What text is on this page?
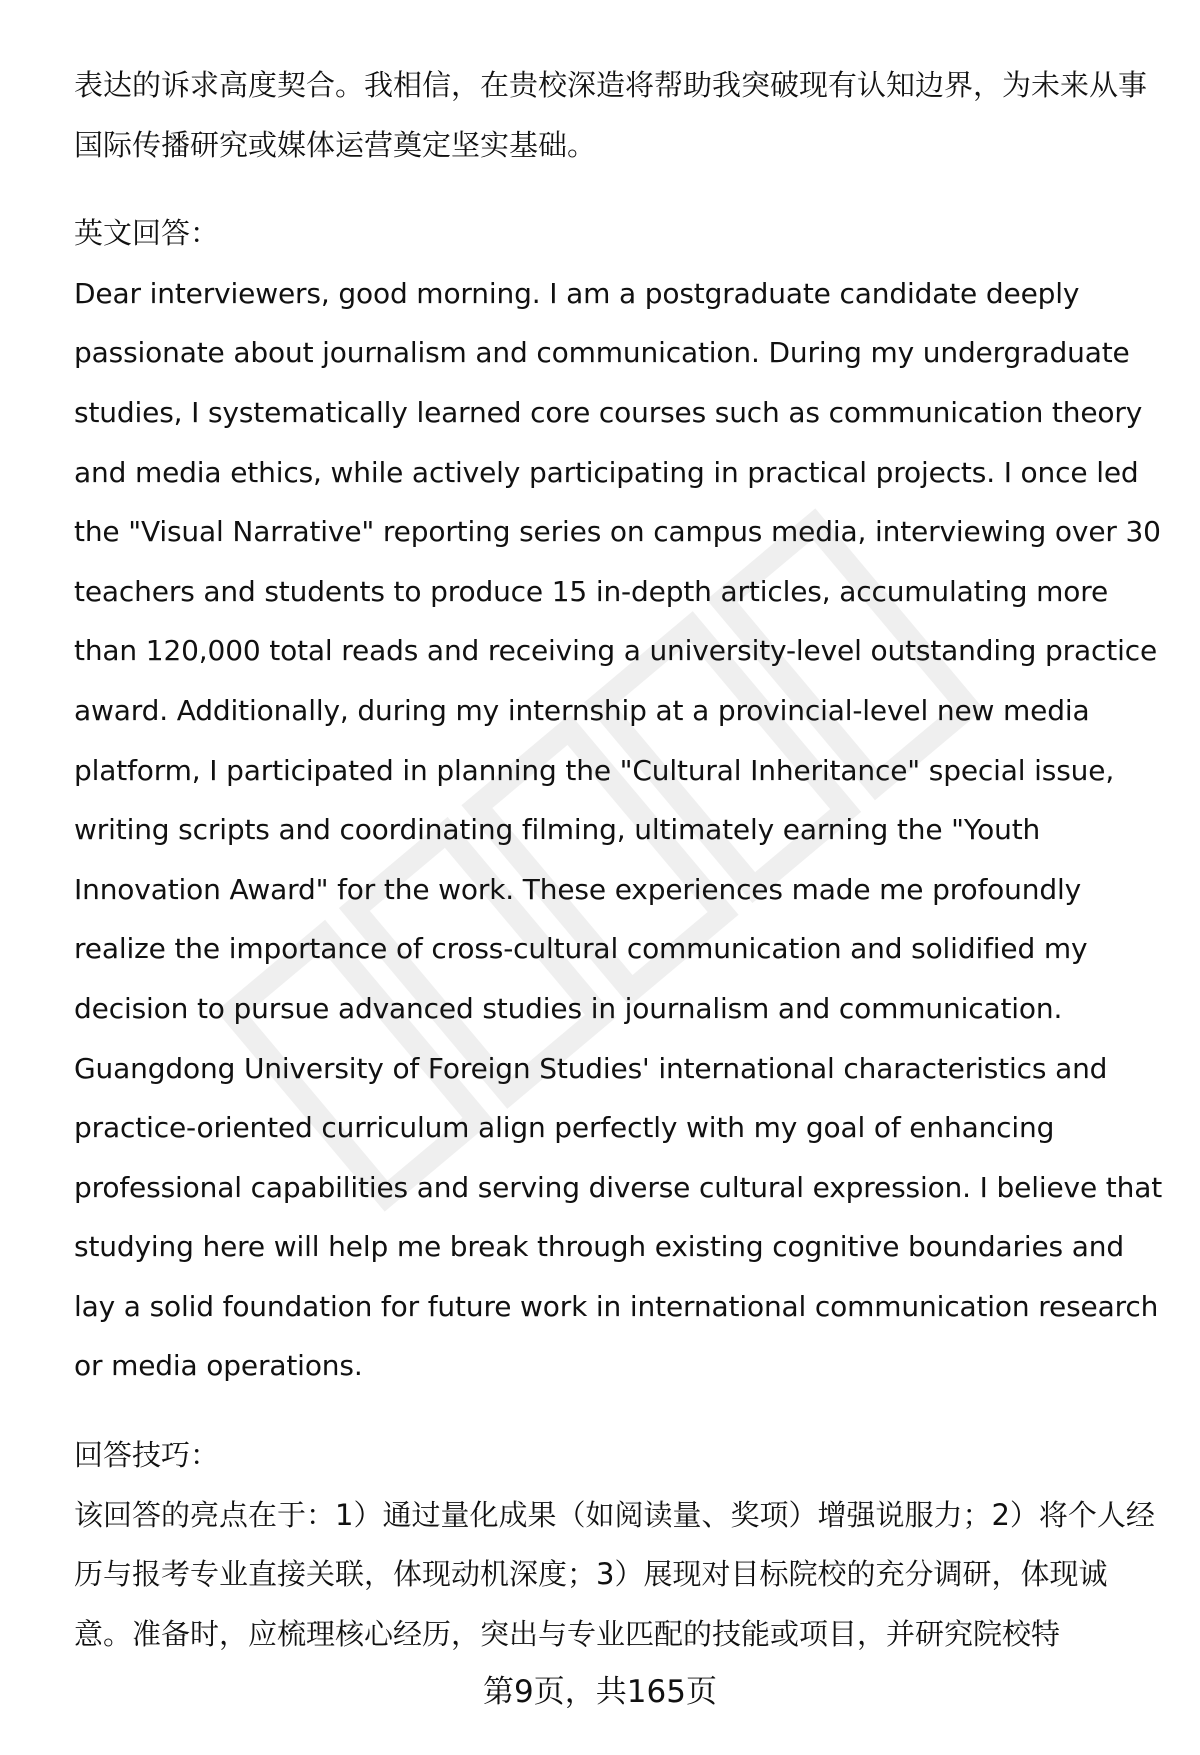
表达的诉求高度契合。我相信，在贵校深造将帮助我突破现有认知边界，为未来从事国际传播研究或媒体运营奠定坚实基础。

英文回答：

Dear interviewers, good morning. I am a postgraduate candidate deeply passionate about journalism and communication. During my undergraduate studies, I systematically learned core courses such as communication theory and media ethics, while actively participating in practical projects. I once led the "Visual Narrative" reporting series on campus media, interviewing over 30 teachers and students to produce 15 in-depth articles, accumulating more than 120,000 total reads and receiving a university-level outstanding practice award. Additionally, during my internship at a provincial-level new media platform, I participated in planning the "Cultural Inheritance" special issue, writing scripts and coordinating filming, ultimately earning the "Youth Innovation Award" for the work. These experiences made me profoundly realize the importance of cross-cultural communication and solidified my decision to pursue advanced studies in journalism and communication. Guangdong University of Foreign Studies' international characteristics and practice-oriented curriculum align perfectly with my goal of enhancing professional capabilities and serving diverse cultural expression. I believe that studying here will help me break through existing cognitive boundaries and lay a solid foundation for future work in international communication research or media operations.

回答技巧：

该回答的亮点在于：1）通过量化成果（如阅读量、奖项）增强说服力；2）将个人经历与报考专业直接关联，体现动机深度；3）展现对目标院校的充分调研，体现诚意。准备时，应梳理核心经历，突出与专业匹配的技能或项目，并研究院校特

第9页，共165页
